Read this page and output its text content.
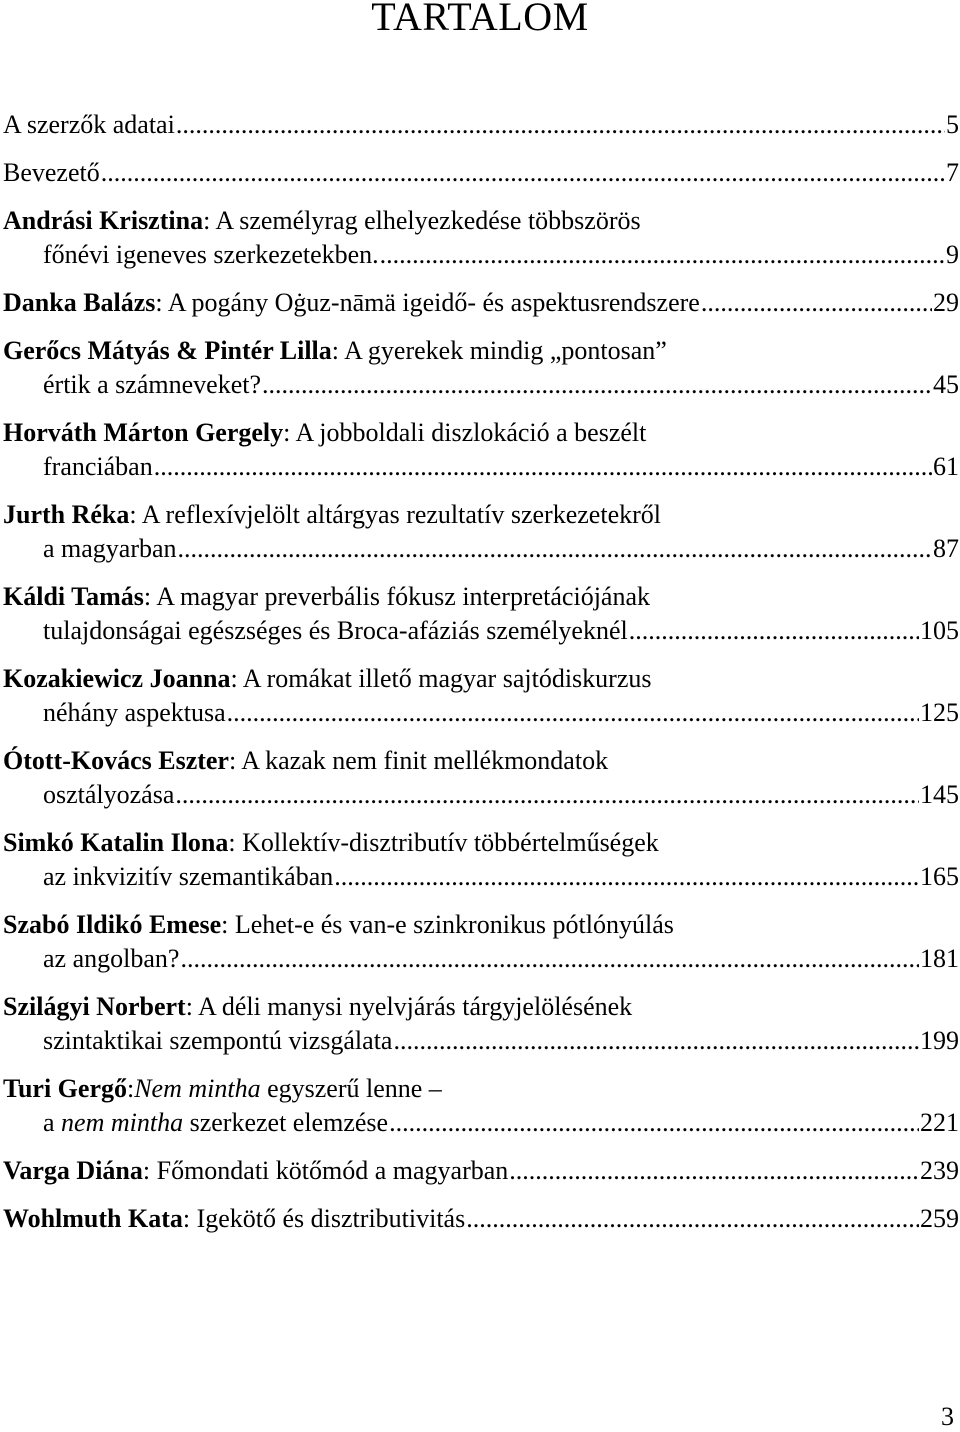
TARTALOM
A szerzők adatai .....	5
Bevezető .....	7
Andrási Krisztina : A személyrag elhelyezkedése többszörös
főnévi igeneves szerkezetekben. .....	9
Danka Balázs : A pogány Oġuz-nāmä igeidő- és aspektusrendszere .....	29
Gerőcs Mátyás & Pintér Lilla : A gyerekek mindig „pontosan”
értik a számneveket? .....	45
Horváth Márton Gergely : A jobboldali diszlokáció a beszélt
franciában .....	61
Jurth Réka : A reflexívjelölt altárgyas rezultatív szerkezetekről
a magyarban .....	87
Káldi Tamás : A magyar preverbális fókusz interpretációjának
tulajdonságai egészséges és Broca-afáziás személyeknél .....	105
Kozakiewicz Joanna : A romákat illető magyar sajtódiskurzus
néhány aspektusa .....	125
Ótott-Kovács Eszter : A kazak nem finit mellékmondatok
osztályozása .....	145
Simkó Katalin Ilona : Kollektív-disztributív többértelműségek
az inkvizitív szemantikában .....	165
Szabó Ildikó Emese : Lehet-e és van-e szinkronikus pótlónyúlás
az angolban? .....	181
Szilágyi Norbert : A déli manysi nyelvjárás tárgyjelölésének
szintaktikai szempontú vizsgálata .....	199
Turi Gergő : Nem mintha egyszerű lenne –
a nem mintha szerkezet elemzése .....	221
Varga Diána : Főmondati kötőmód a magyarban .....	239
Wohlmuth Kata : Igekötő és disztributivitás .....	259
3
